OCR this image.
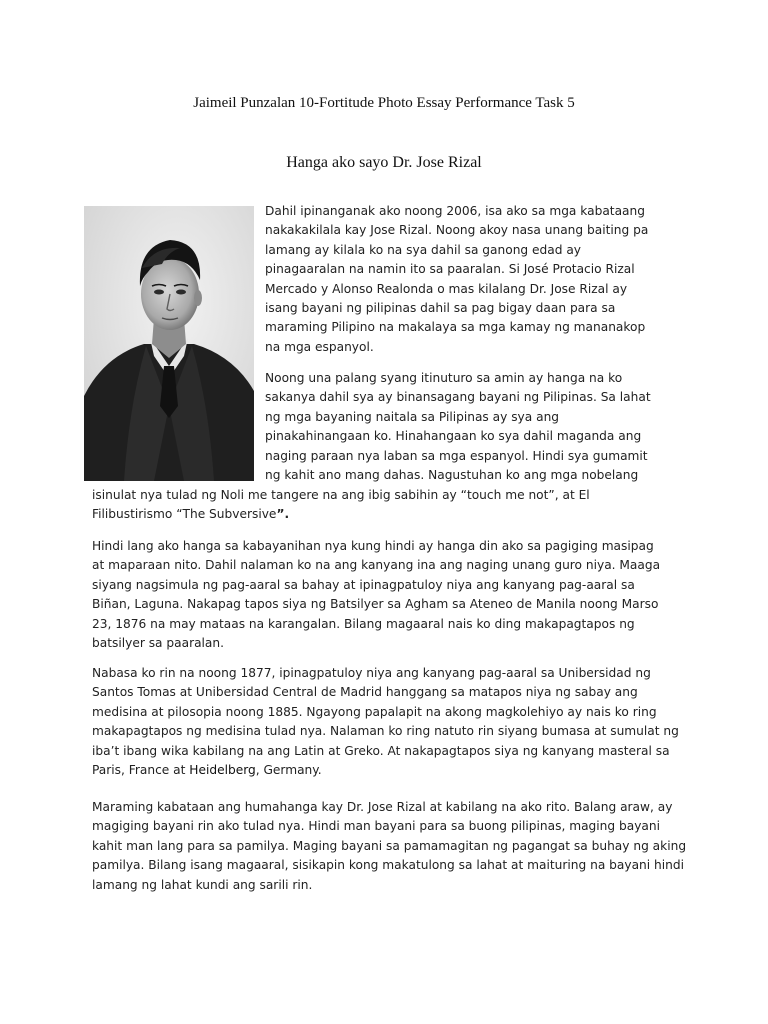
Jaimeil Punzalan 10-Fortitude Photo Essay Performance Task 5
Hanga ako sayo Dr. Jose Rizal
Dahil ipinanganak ako noong 2006, isa ako sa mga kabataang
nakakakilala kay Jose Rizal. Noong akoy nasa unang baiting pa
lamang ay kilala ko na sya dahil sa ganong edad ay
pinagaaralan na namin ito sa paaralan. Si José Protacio Rizal
Mercado y Alonso Realonda o mas kilalang Dr. Jose Rizal ay
isang bayani ng pilipinas dahil sa pag bigay daan para sa
maraming Pilipino na makalaya sa mga kamay ng mananakop
na mga espanyol.
Noong una palang syang itinuturo sa amin ay hanga na ko
sakanya dahil sya ay binansagang bayani ng Pilipinas. Sa lahat
ng mga bayaning naitala sa Pilipinas ay sya ang
pinakahinangaan ko. Hinahangaan ko sya dahil maganda ang
naging paraan nya laban sa mga espanyol. Hindi sya gumamit
ng kahit ano mang dahas. Nagustuhan ko ang mga nobelang
isinulat nya tulad ng Noli me tangere na ang ibig sabihin ay “touch me not”, at El
Filibustirismo “The Subversive”.
Hindi lang ako hanga sa kabayanihan nya kung hindi ay hanga din ako sa pagiging masipag
at maparaan nito. Dahil nalaman ko na ang kanyang ina ang naging unang guro niya. Maaga
siyang nagsimula ng pag-aaral sa bahay at ipinagpatuloy niya ang kanyang pag-aaral sa
Biñan, Laguna. Nakapag tapos siya ng Batsilyer sa Agham sa Ateneo de Manila noong Marso
23, 1876 na may mataas na karangalan. Bilang magaaral nais ko ding makapagtapos ng
batsilyer sa paaralan.
Nabasa ko rin na noong 1877, ipinagpatuloy niya ang kanyang pag-aaral sa Unibersidad ng
Santos Tomas at Unibersidad Central de Madrid hanggang sa matapos niya ng sabay ang
medisina at pilosopia noong 1885. Ngayong papalapit na akong magkolehiyo ay nais ko ring
makapagtapos ng medisina tulad nya. Nalaman ko ring natuto rin siyang bumasa at sumulat ng
iba’t ibang wika kabilang na ang Latin at Greko. At nakapagtapos siya ng kanyang masteral sa
Paris, France at Heidelberg, Germany.
Maraming kabataan ang humahanga kay Dr. Jose Rizal at kabilang na ako rito. Balang araw, ay
magiging bayani rin ako tulad nya. Hindi man bayani para sa buong pilipinas, maging bayani
kahit man lang para sa pamilya. Maging bayani sa pamamagitan ng pagangat sa buhay ng aking
pamilya. Bilang isang magaaral, sisikapin kong makatulong sa lahat at maituring na bayani hindi
lamang ng lahat kundi ang sarili rin.
